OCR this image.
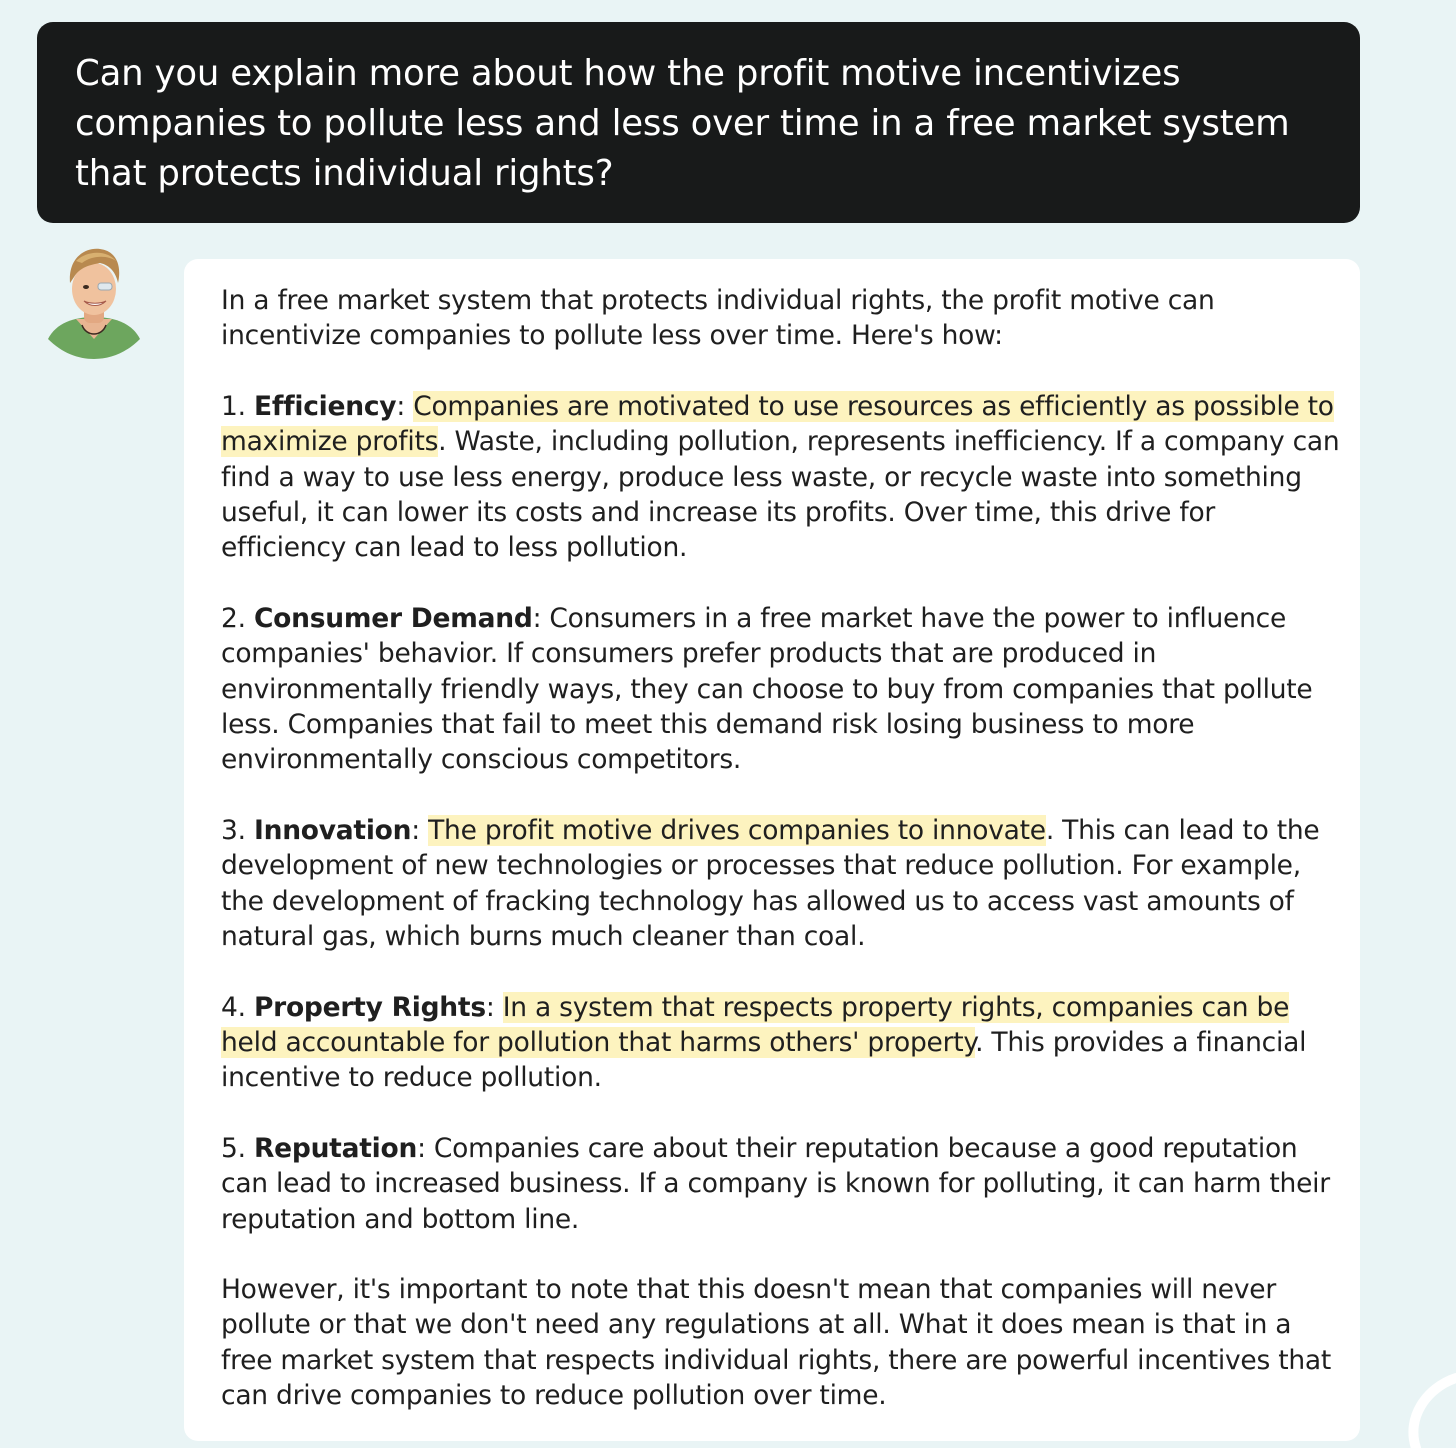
Can you explain more about how the profit motive incentivizes companies to pollute less and less over time in a free market system that protects individual rights?

In a free market system that protects individual rights, the profit motive can incentivize companies to pollute less over time. Here's how:

1. Efficiency: Companies are motivated to use resources as efficiently as possible to maximize profits. Waste, including pollution, represents inefficiency. If a company can find a way to use less energy, produce less waste, or recycle waste into something useful, it can lower its costs and increase its profits. Over time, this drive for efficiency can lead to less pollution.

2. Consumer Demand: Consumers in a free market have the power to influence companies' behavior. If consumers prefer products that are produced in environmentally friendly ways, they can choose to buy from companies that pollute less. Companies that fail to meet this demand risk losing business to more environmentally conscious competitors.

3. Innovation: The profit motive drives companies to innovate. This can lead to the development of new technologies or processes that reduce pollution. For example, the development of fracking technology has allowed us to access vast amounts of natural gas, which burns much cleaner than coal.

4. Property Rights: In a system that respects property rights, companies can be held accountable for pollution that harms others' property. This provides a financial incentive to reduce pollution.

5. Reputation: Companies care about their reputation because a good reputation can lead to increased business. If a company is known for polluting, it can harm their reputation and bottom line.

However, it's important to note that this doesn't mean that companies will never pollute or that we don't need any regulations at all. What it does mean is that in a free market system that respects individual rights, there are powerful incentives that can drive companies to reduce pollution over time.
